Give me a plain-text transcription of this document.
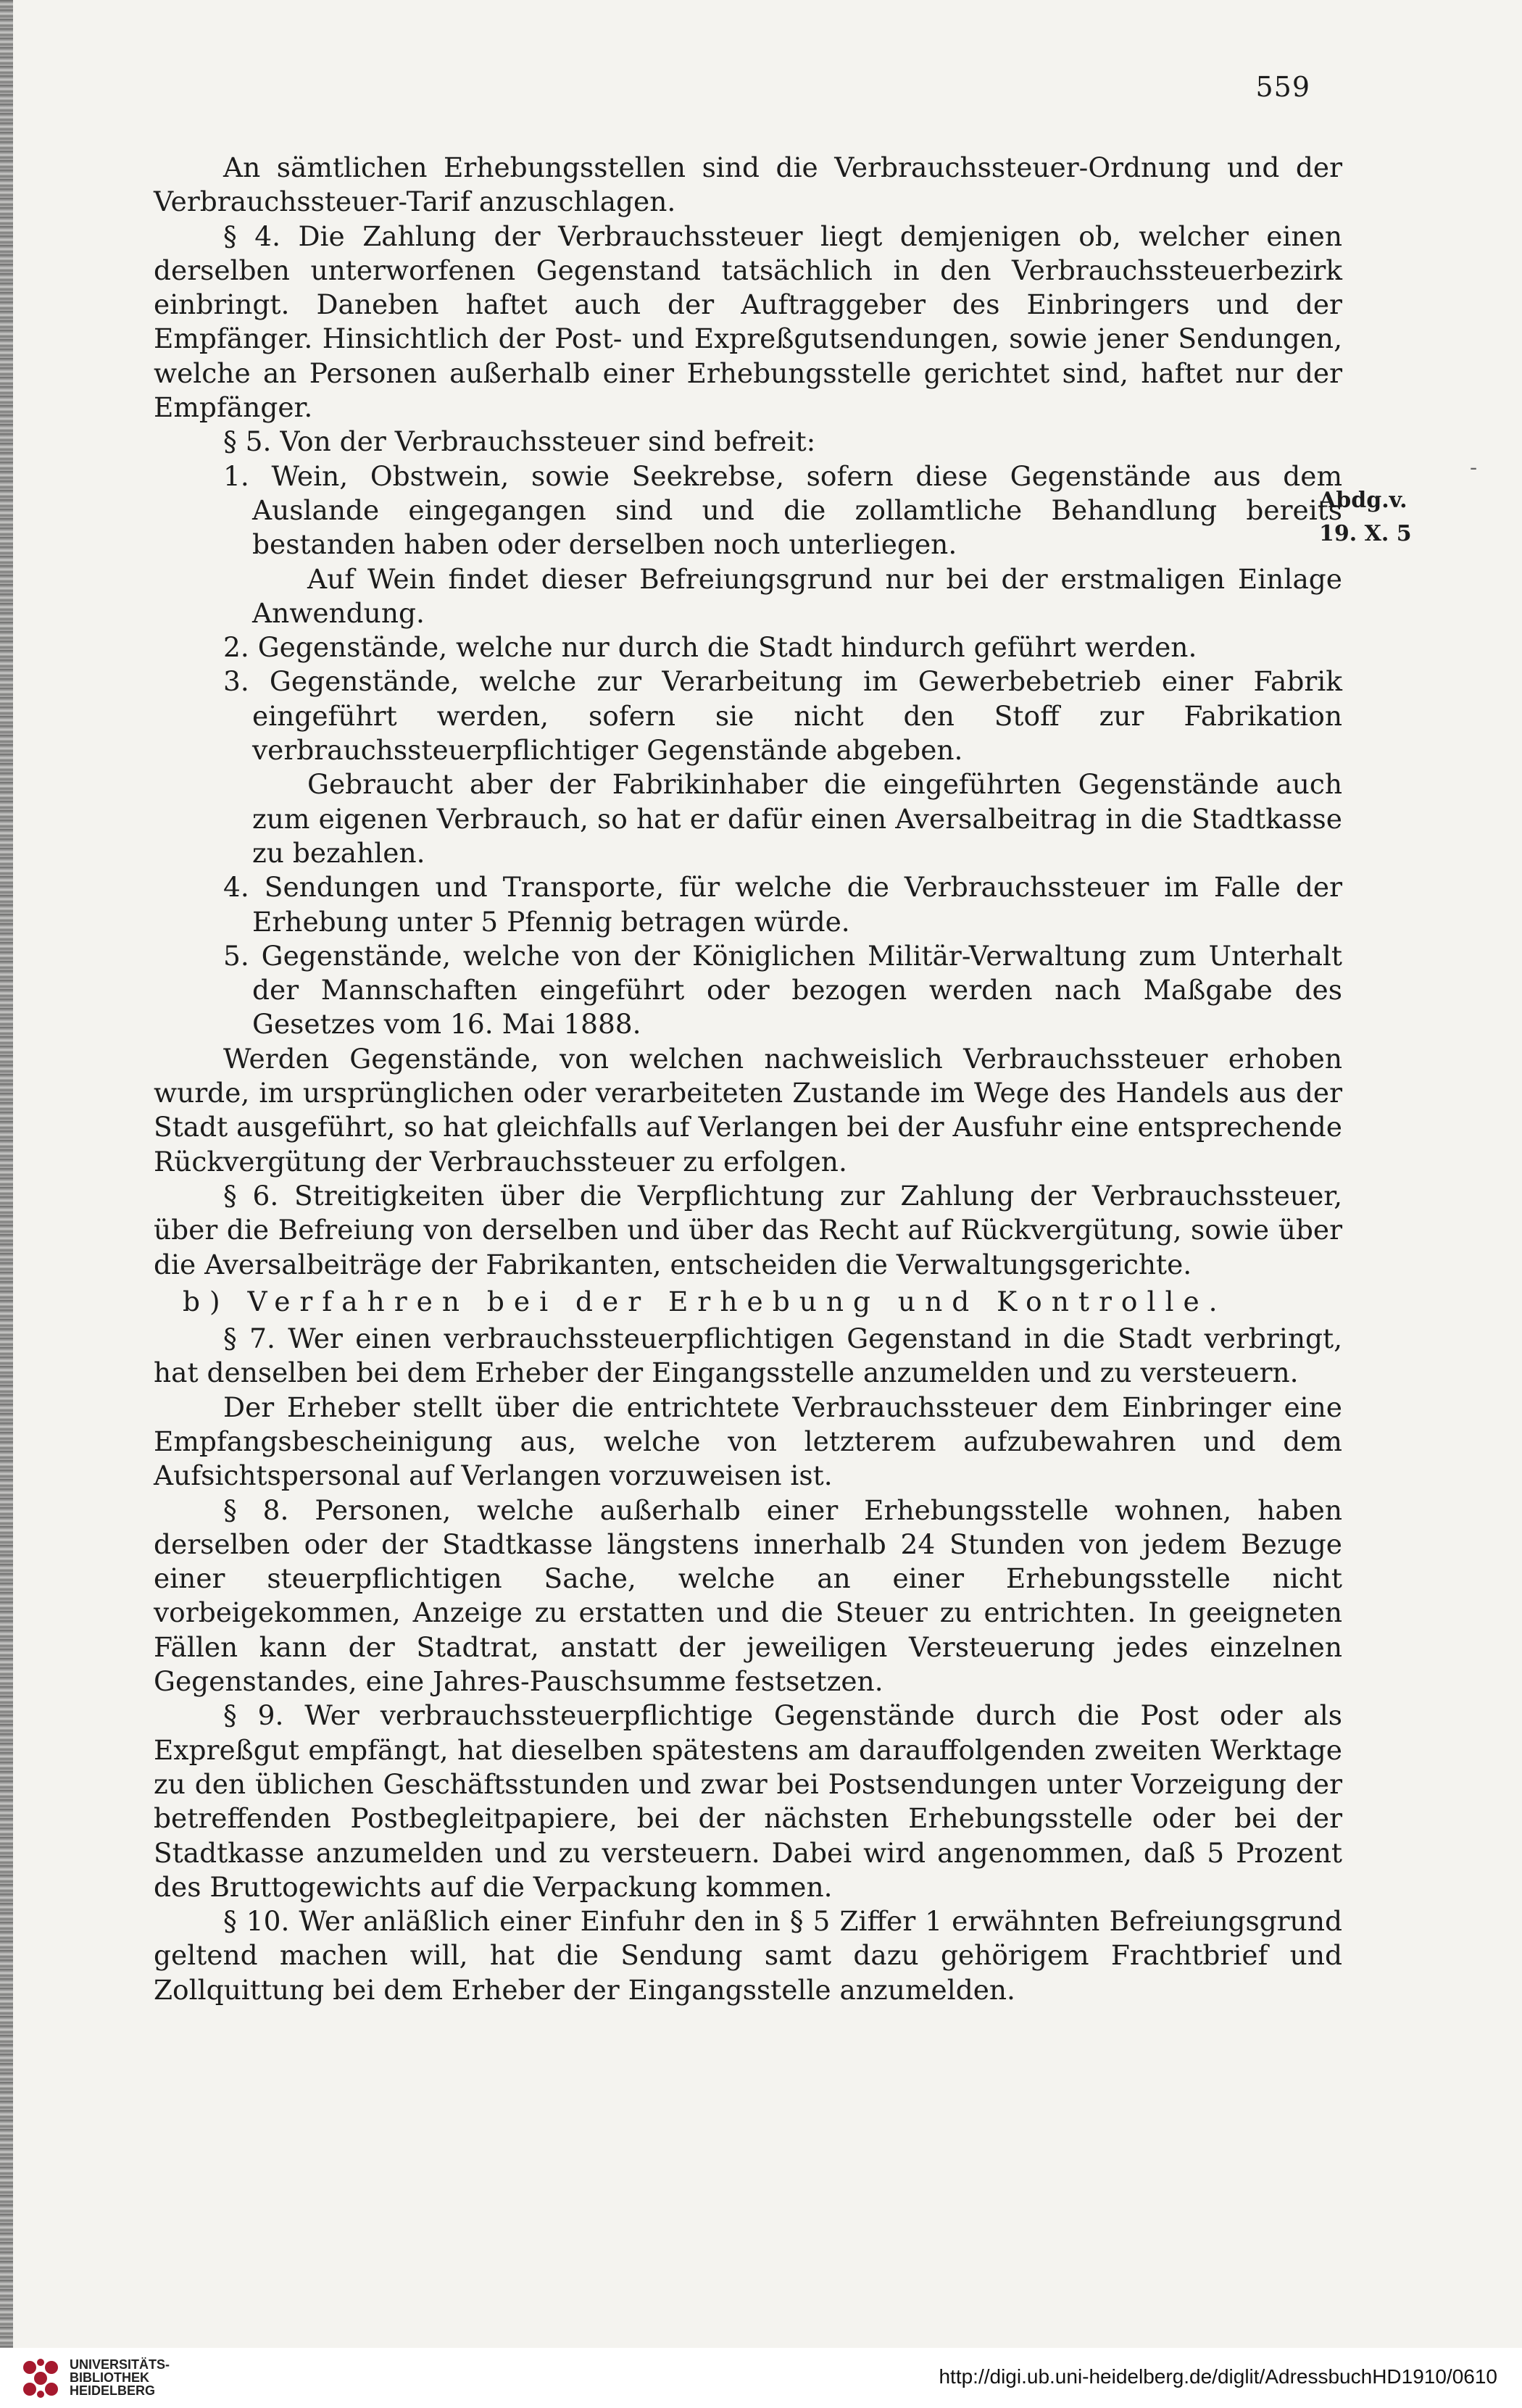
559
-
Abdg.v.
19. X. 5

An sämtlichen Erhebungsstellen sind die Verbrauchssteuer-Ordnung und der Verbrauchssteuer-Tarif anzuschlagen.

§ 4. Die Zahlung der Verbrauchssteuer liegt demjenigen ob, welcher einen derselben unterworfenen Gegenstand tatsächlich in den Verbrauchssteuerbezirk einbringt. Daneben haftet auch der Auftraggeber des Einbringers und der Empfänger. Hinsichtlich der Post- und Expreßgutsendungen, sowie jener Sendungen, welche an Personen außerhalb einer Erhebungsstelle gerichtet sind, haftet nur der Empfänger.

§ 5. Von der Verbrauchssteuer sind befreit:

1. Wein, Obstwein, sowie Seekrebse, sofern diese Gegenstände aus dem Auslande eingegangen sind und die zollamtliche Behandlung bereits bestanden haben oder derselben noch unterliegen.

Auf Wein findet dieser Befreiungsgrund nur bei der erstmaligen Einlage Anwendung.

2. Gegenstände, welche nur durch die Stadt hindurch geführt werden.

3. Gegenstände, welche zur Verarbeitung im Gewerbebetrieb einer Fabrik eingeführt werden, sofern sie nicht den Stoff zur Fabrikation verbrauchssteuerpflichtiger Gegenstände abgeben.

Gebraucht aber der Fabrikinhaber die eingeführten Gegenstände auch zum eigenen Verbrauch, so hat er dafür einen Aversalbeitrag in die Stadtkasse zu bezahlen.

4. Sendungen und Transporte, für welche die Verbrauchssteuer im Falle der Erhebung unter 5 Pfennig betragen würde.

5. Gegenstände, welche von der Königlichen Militär-Verwaltung zum Unterhalt der Mannschaften eingeführt oder bezogen werden nach Maßgabe des Gesetzes vom 16. Mai 1888.

Werden Gegenstände, von welchen nachweislich Verbrauchssteuer erhoben wurde, im ursprünglichen oder verarbeiteten Zustande im Wege des Handels aus der Stadt ausgeführt, so hat gleichfalls auf Verlangen bei der Ausfuhr eine entsprechende Rückvergütung der Verbrauchssteuer zu erfolgen.

§ 6. Streitigkeiten über die Verpflichtung zur Zahlung der Verbrauchssteuer, über die Befreiung von derselben und über das Recht auf Rückvergütung, sowie über die Aversalbeiträge der Fabrikanten, entscheiden die Verwaltungsgerichte.

b) Verfahren bei der Erhebung und Kontrolle.

§ 7. Wer einen verbrauchssteuerpflichtigen Gegenstand in die Stadt verbringt, hat denselben bei dem Erheber der Eingangsstelle anzumelden und zu versteuern.

Der Erheber stellt über die entrichtete Verbrauchssteuer dem Einbringer eine Empfangsbescheinigung aus, welche von letzterem aufzubewahren und dem Aufsichtspersonal auf Verlangen vorzuweisen ist.

§ 8. Personen, welche außerhalb einer Erhebungsstelle wohnen, haben derselben oder der Stadtkasse längstens innerhalb 24 Stunden von jedem Bezuge einer steuerpflichtigen Sache, welche an einer Erhebungsstelle nicht vorbeigekommen, Anzeige zu erstatten und die Steuer zu entrichten. In geeigneten Fällen kann der Stadtrat, anstatt der jeweiligen Versteuerung jedes einzelnen Gegenstandes, eine Jahres-Pauschsumme festsetzen.

§ 9. Wer verbrauchssteuerpflichtige Gegenstände durch die Post oder als Expreßgut empfängt, hat dieselben spätestens am darauffolgenden zweiten Werktage zu den üblichen Geschäftsstunden und zwar bei Postsendungen unter Vorzeigung der betreffenden Postbegleitpapiere, bei der nächsten Erhebungsstelle oder bei der Stadtkasse anzumelden und zu versteuern. Dabei wird angenommen, daß 5 Prozent des Bruttogewichts auf die Verpackung kommen.

§ 10. Wer anläßlich einer Einfuhr den in § 5 Ziffer 1 erwähnten Befreiungsgrund geltend machen will, hat die Sendung samt dazu gehörigem Frachtbrief und Zollquittung bei dem Erheber der Eingangsstelle anzumelden.

UNIVERSITÄTS-
BIBLIOTHEK
HEIDELBERG
http://digi.ub.uni-heidelberg.de/diglit/AdressbuchHD1910/0610
